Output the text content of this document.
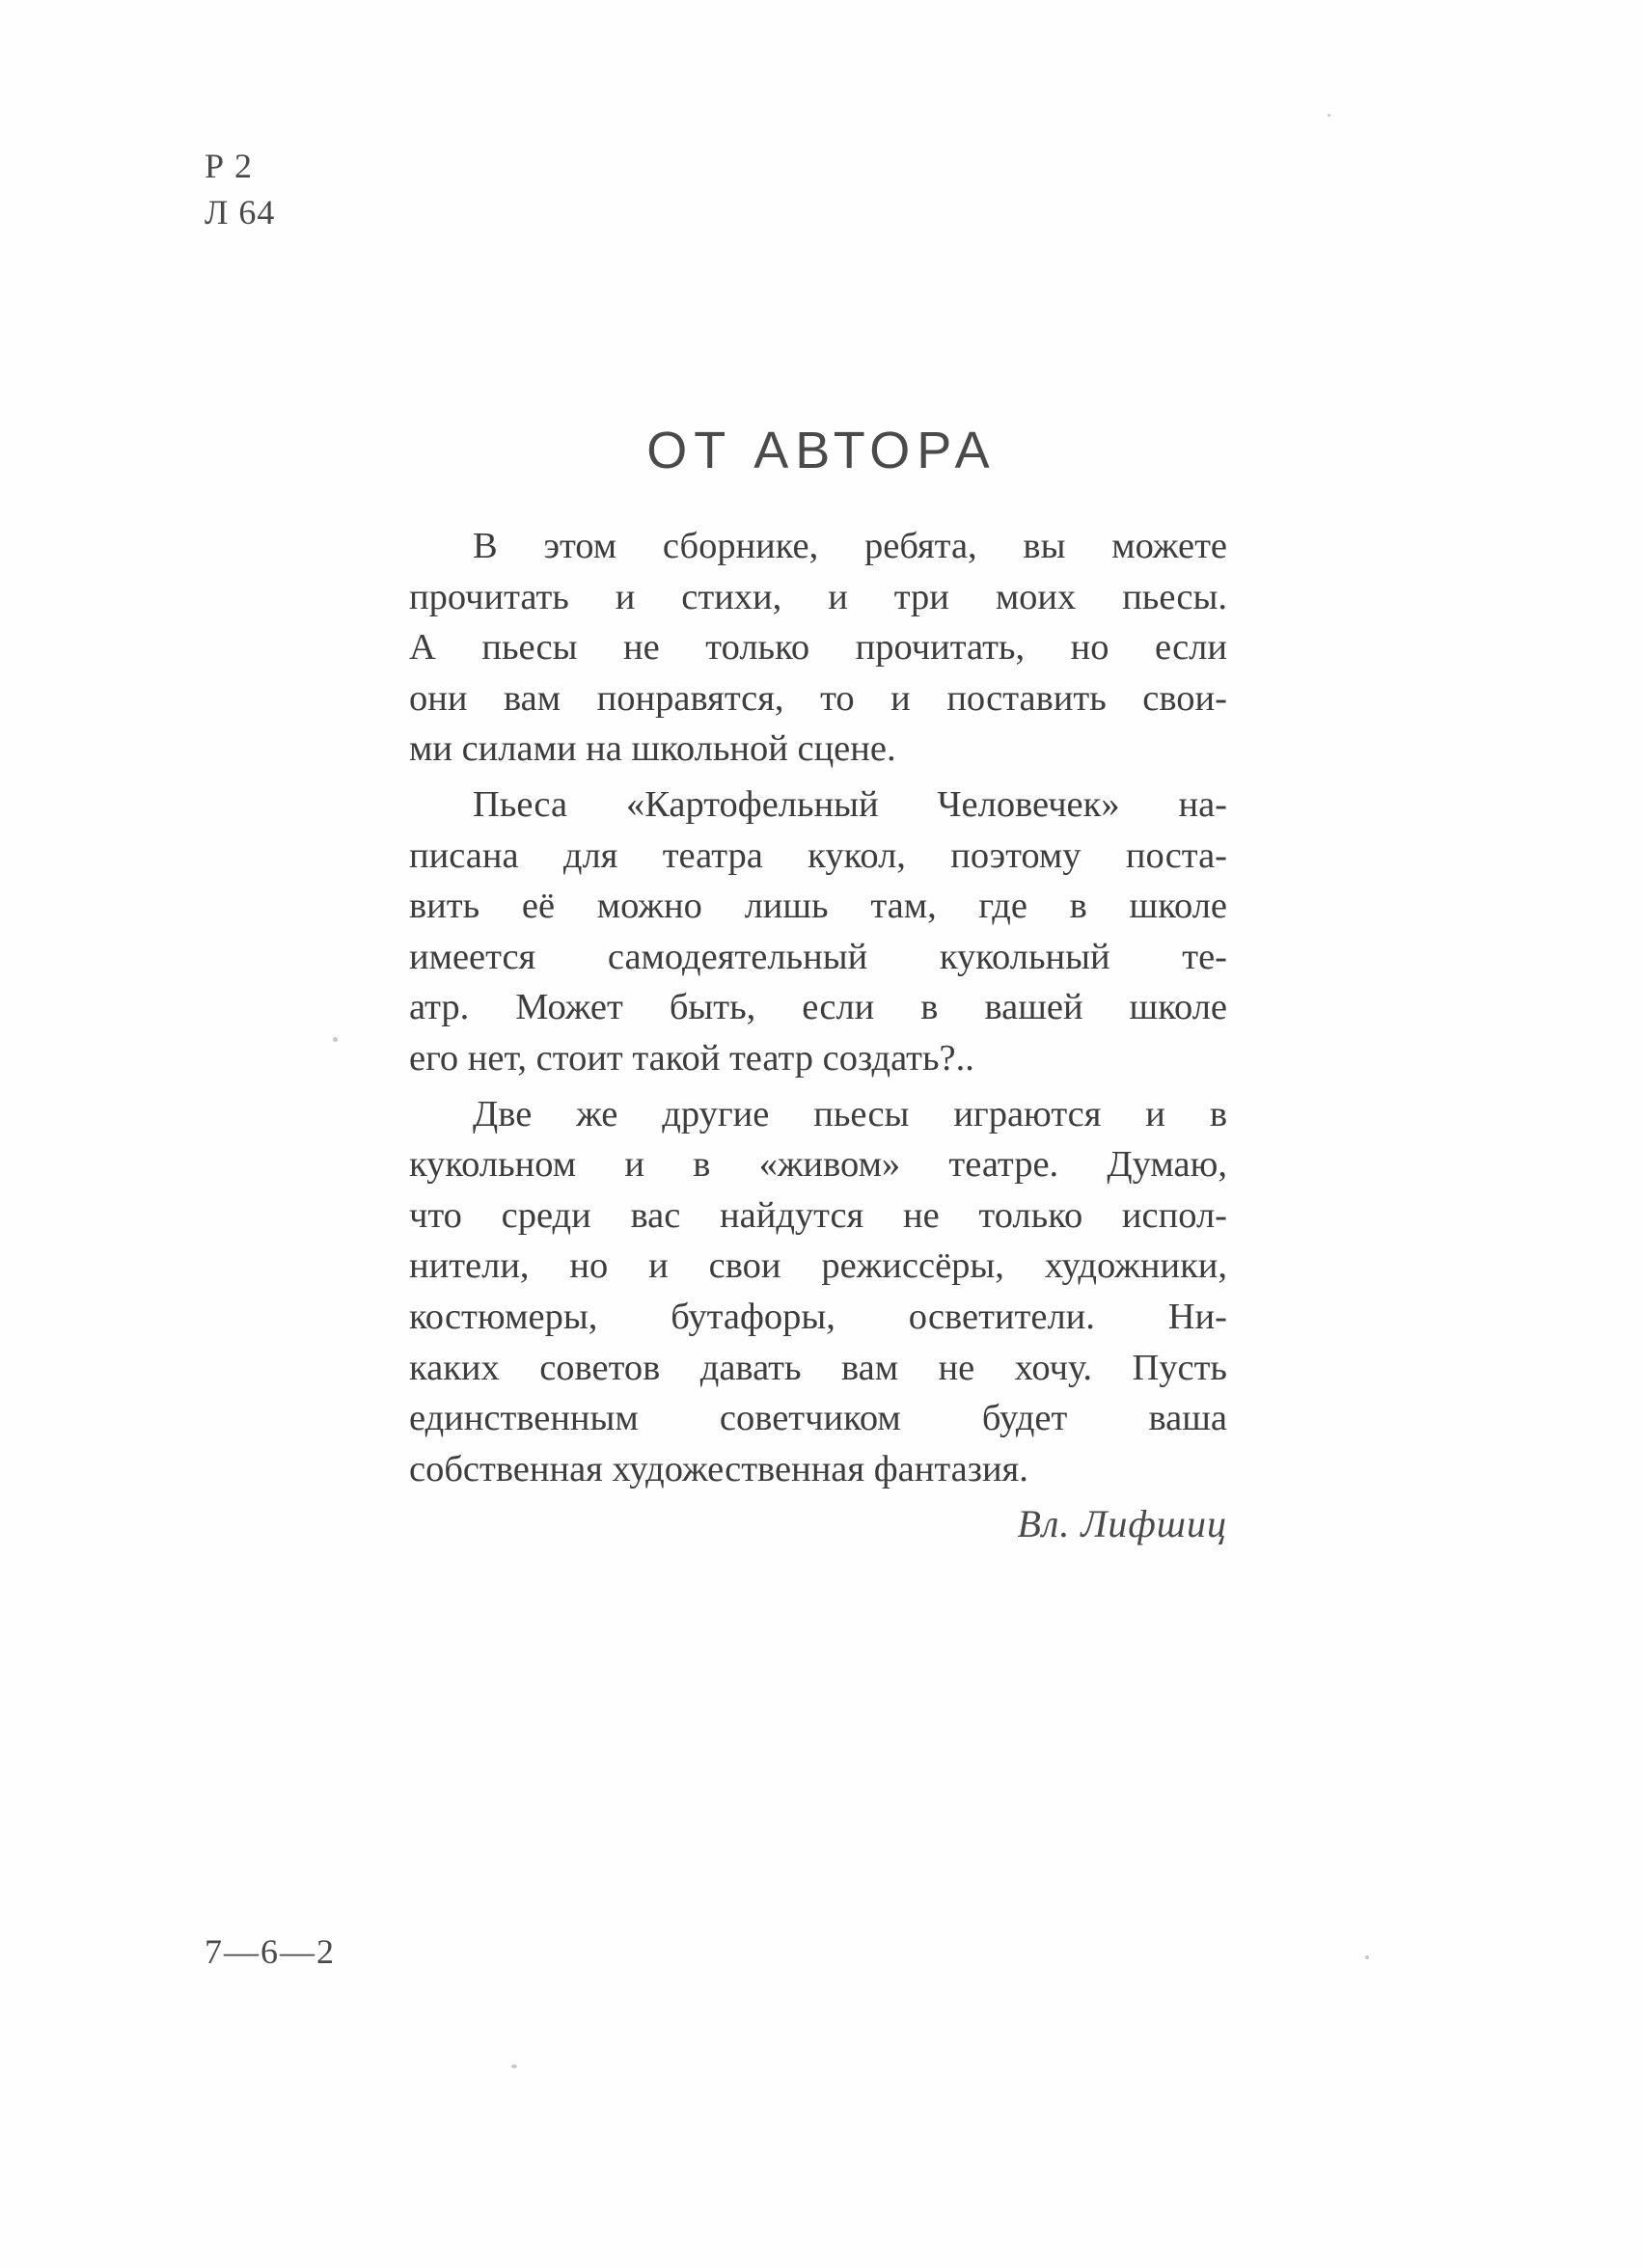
Р 2
Л 64
ОТ АВТОРА

В этом сборнике, ребята, вы можете
прочитать и стихи, и три моих пьесы.
А пьесы не только прочитать, но если
они вам понравятся, то и поставить свои-
ми силами на школьной сцене.

Пьеса «Картофельный Человечек» на-
писана для театра кукол, поэтому поста-
вить её можно лишь там, где в школе
имеется самодеятельный кукольный те-
атр. Может быть, если в вашей школе
его нет, стоит такой театр создать?..

Две же другие пьесы играются и в
кукольном и в «живом» театре. Думаю,
что среди вас найдутся не только испол-
нители, но и свои режиссёры, художники,
костюмеры, бутафоры, осветители. Ни-
каких советов давать вам не хочу. Пусть
единственным советчиком будет ваша
собственная художественная фантазия.

Вл. Лифшиц
7—6—2
